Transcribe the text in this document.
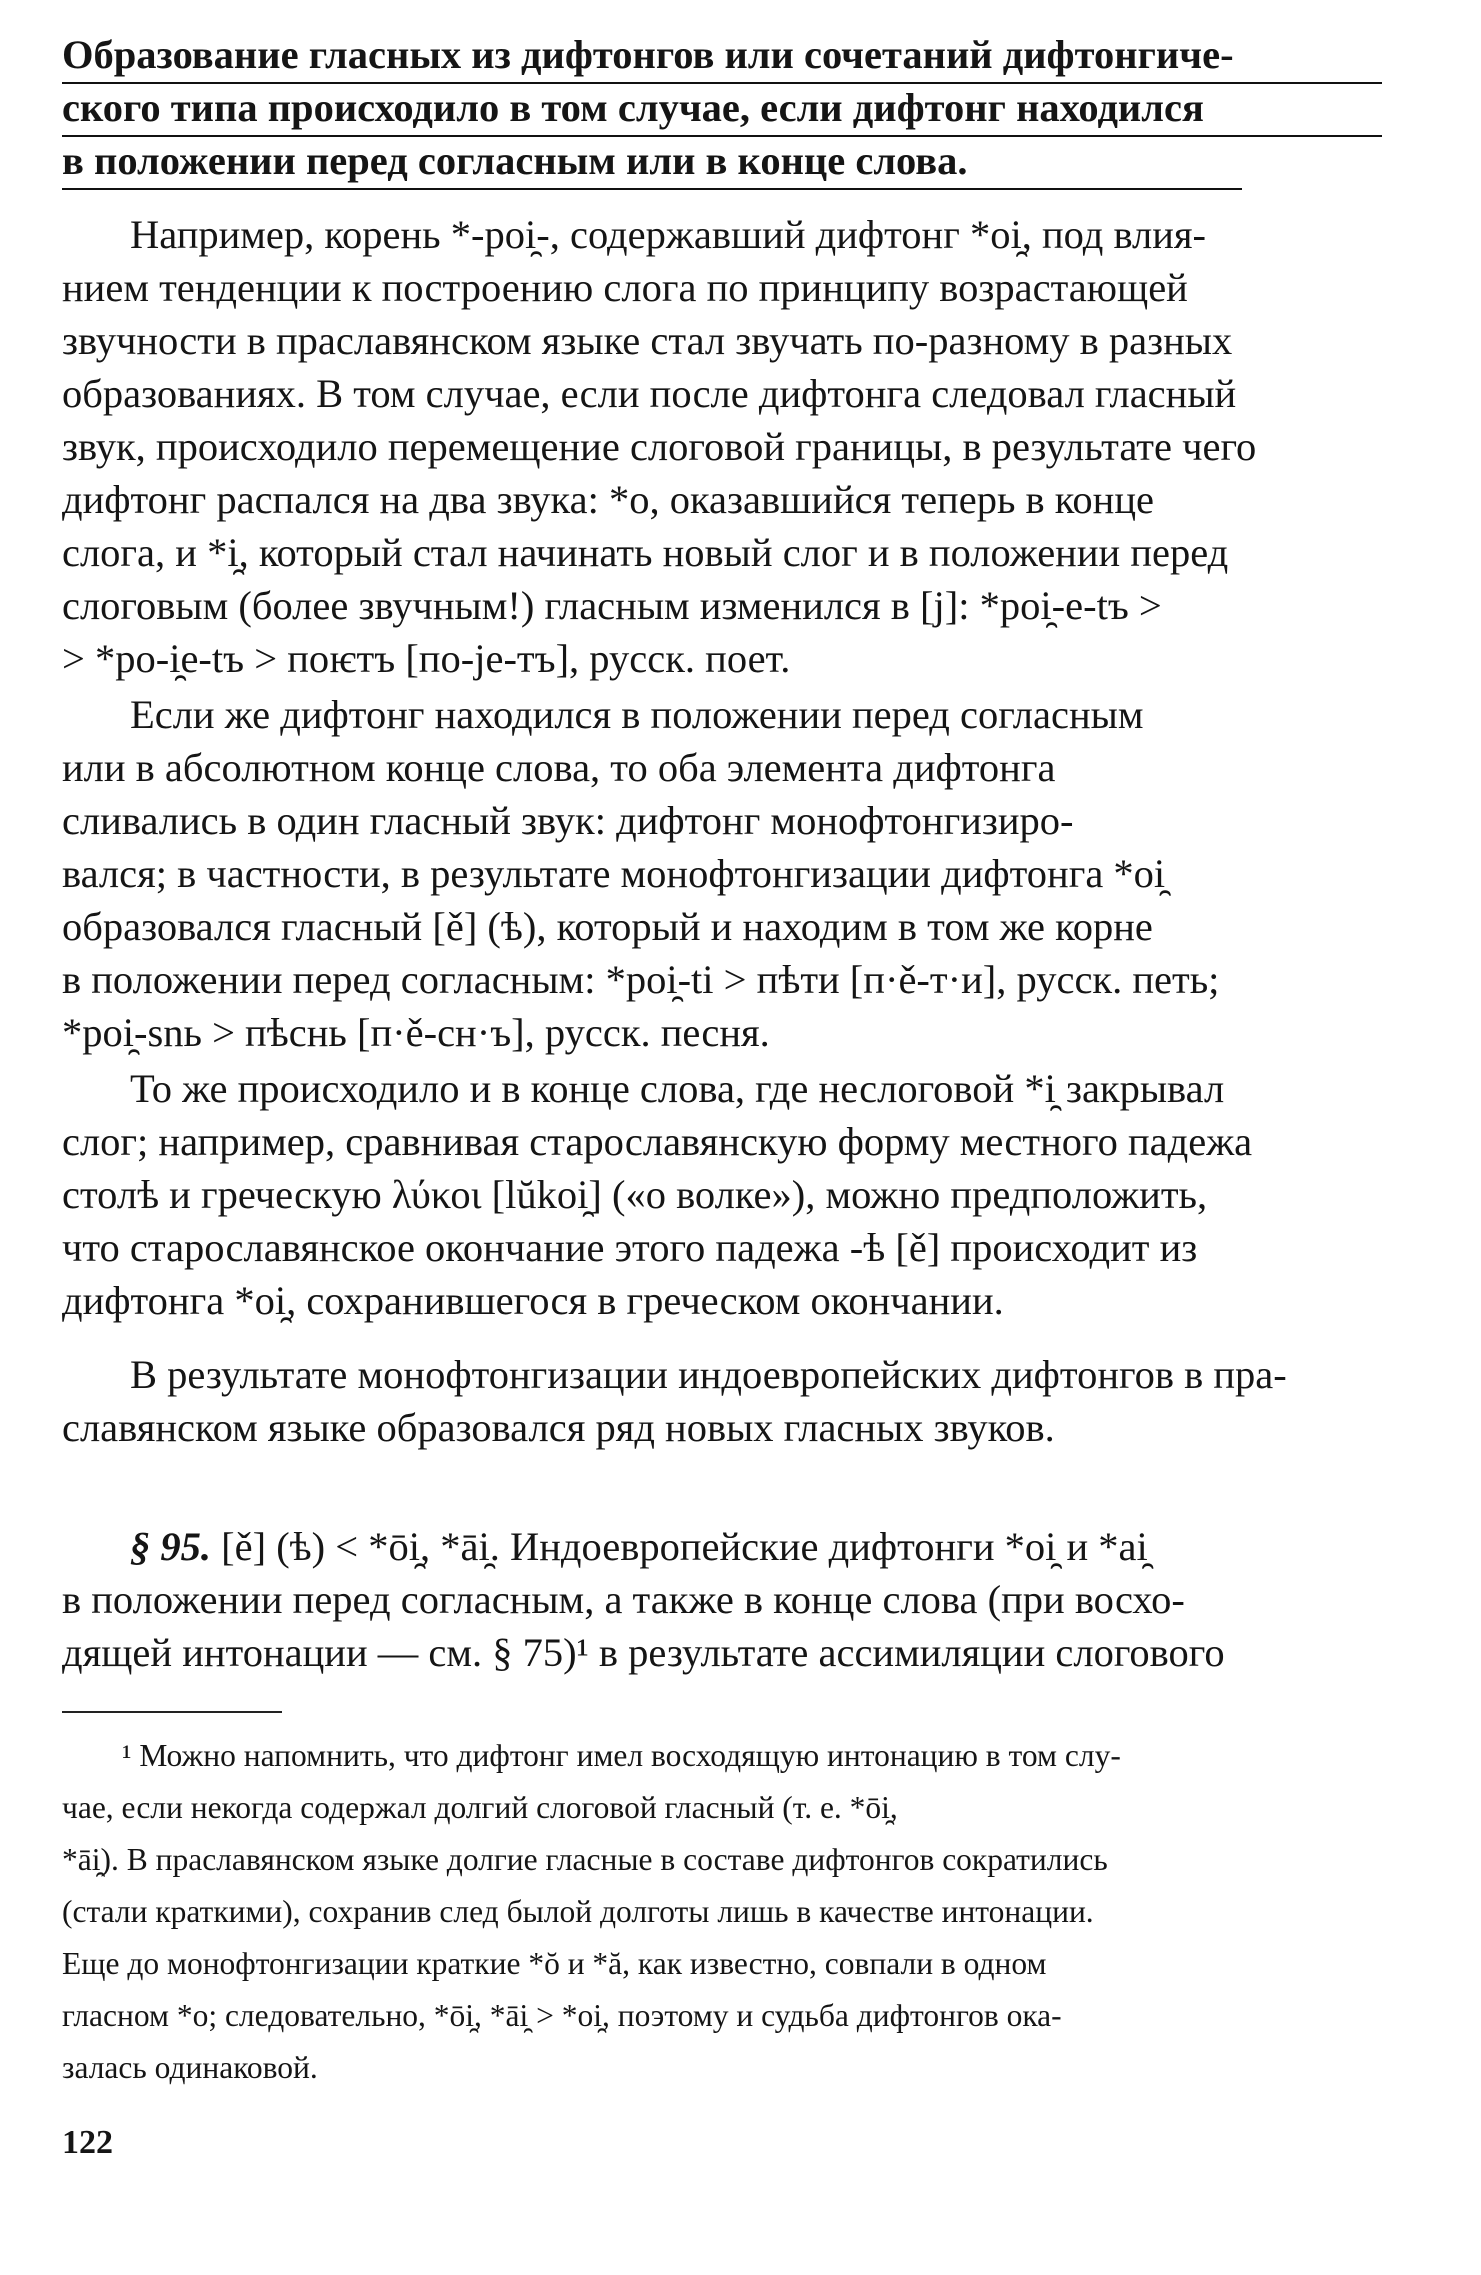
Образование гласных из дифтонгов или сочетаний дифтонгиче-
ского типа происходило в том случае, если дифтонг находился
в положении перед согласным или в конце слова.
Например, корень *-poi̯-, содержавший дифтонг *oi̯, под влия-
нием тенденции к построению слога по принципу возрастающей
звучности в праславянском языке стал звучать по-разному в разных
образованиях. В том случае, если после дифтонга следовал гласный
звук, происходило перемещение слоговой границы, в результате чего
дифтонг распался на два звука: *o, оказавшийся теперь в конце
слога, и *i̯, который стал начинать новый слог и в положении перед
слоговым (более звучным!) гласным изменился в [j]: *poi̯-e-tъ >
> *po-i̯e-tъ > поѥтъ [по-jе-тъ], русск. поет.
Если же дифтонг находился в положении перед согласным
или в абсолютном конце слова, то оба элемента дифтонга
сливались в один гласный звук: дифтонг монофтонгизиро-
вался; в частности, в результате монофтонгизации дифтонга *oi̯
образовался гласный [ě] (ѣ), который и находим в том же корне
в положении перед согласным: *poi̯-ti > пѣти [п·ě-т·и], русск. петь;
*poi̯-snь > пѣснь [п·ě-сн·ъ], русск. песня.
То же происходило и в конце слова, где неслоговой *i̯ закрывал
слог; например, сравнивая старославянскую форму местного падежа
столѣ и греческую λύκοι [lŭkoi̯] («о волке»), можно предположить,
что старославянское окончание этого падежа -ѣ [ě] происходит из
дифтонга *oi̯, сохранившегося в греческом окончании.
В результате монофтонгизации индоевропейских дифтонгов в пра-
славянском языке образовался ряд новых гласных звуков.
§ 95. [ě] (ѣ) < *ōi̯, *āi̯. Индоевропейские дифтонги *oi̯ и *ai̯
в положении перед согласным, а также в конце слова (при восхо-
дящей интонации — см. § 75)¹ в результате ассимиляции слогового
¹ Можно напомнить, что дифтонг имел восходящую интонацию в том слу-
чае, если некогда содержал долгий слоговой гласный (т. е. *ōi̯,
*āi̯). В праславянском языке долгие гласные в составе дифтонгов сократились
(стали краткими), сохранив след былой долготы лишь в качестве интонации.
Еще до монофтонгизации краткие *ŏ и *ă, как известно, совпали в одном
гласном *o; следовательно, *ōi̯, *āi̯ > *oi̯, поэтому и судьба дифтонгов ока-
залась одинаковой.
122
